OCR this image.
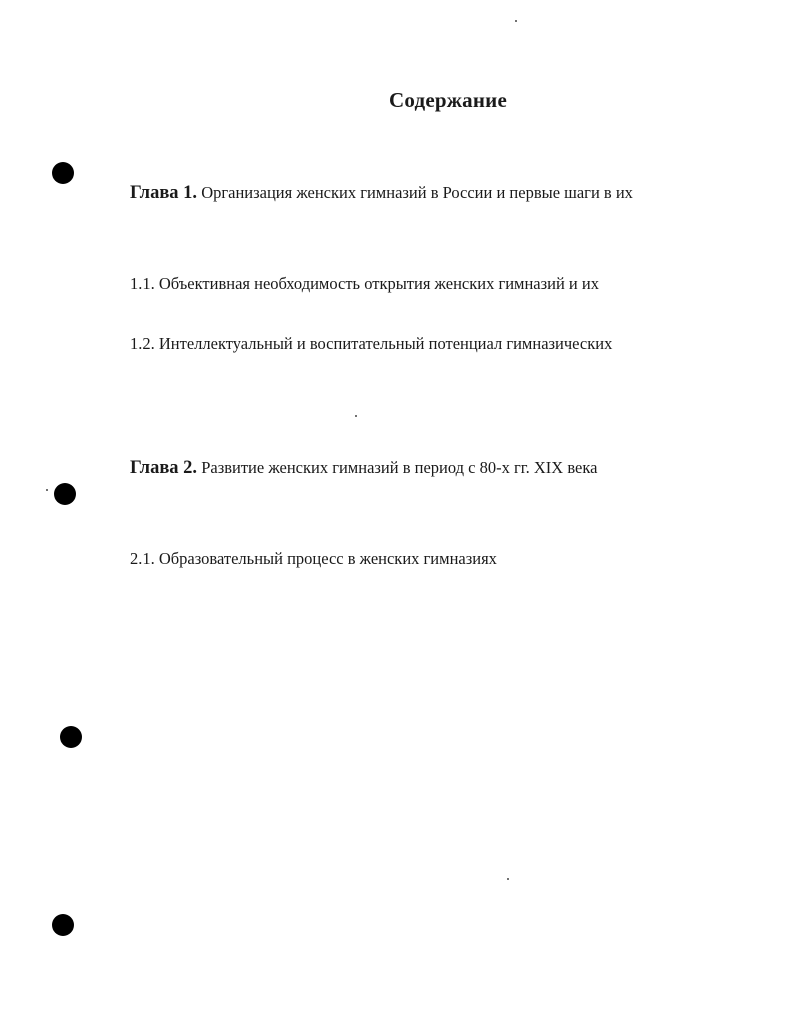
Содержание
Глава 1. Организация женских гимназий в России и первые шаги в их
1.1. Объективная необходимость открытия женских гимназий и их
1.2. Интеллектуальный и воспитательный потенциал гимназических
Глава 2. Развитие женских гимназий в период с 80-х гг. XIX века
2.1. Образовательный процесс в женских гимназиях
